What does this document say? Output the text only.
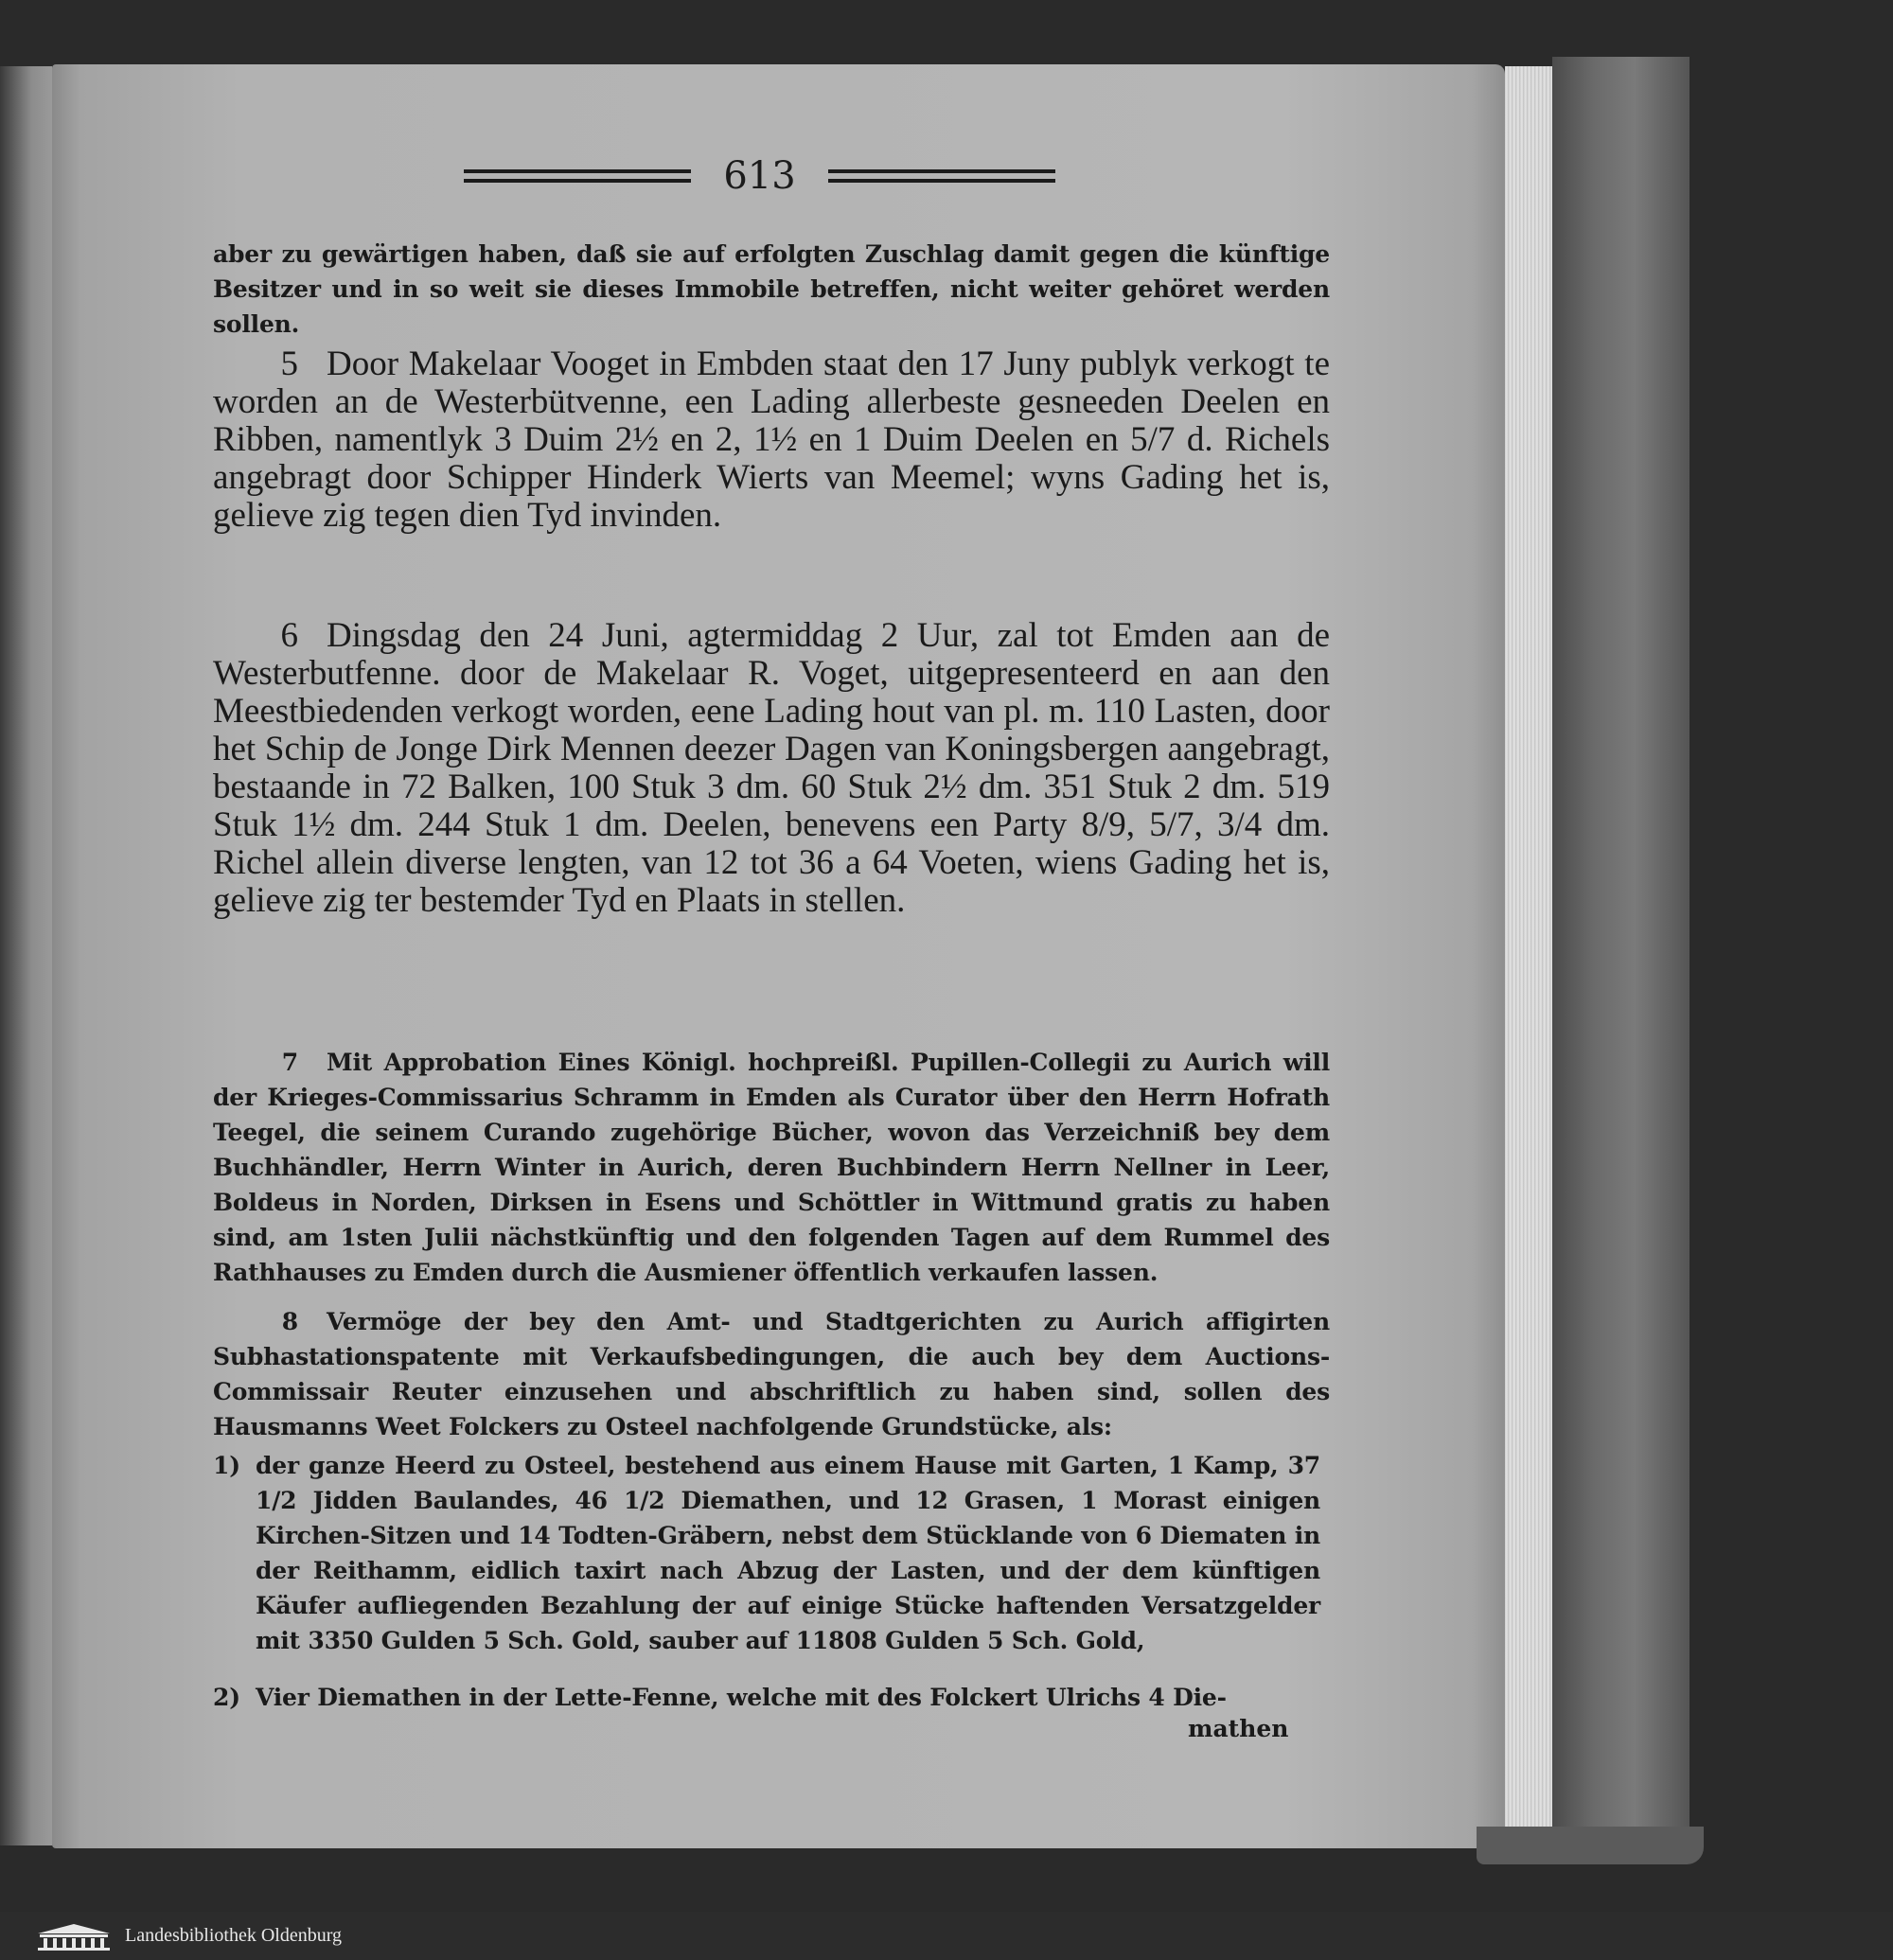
613

aber zu gewärtigen haben, daß sie auf erfolgten Zuschlag damit gegen die künftige Besitzer und in so weit sie dieses Immobile betreffen, nicht weiter gehöret werden sollen.

5 Door Makelaar Vooget in Embden staat den 17 Juny publyk verkogt te worden an de Westerbütvenne, een Lading allerbeste gesneeden Deelen en Ribben, namentlyk 3 Duim 2½ en 2, 1½ en 1 Duim Deelen en 5/7 d. Richels angebragt door Schipper Hinderk Wierts van Meemel; wyns Gading het is, gelieve zig tegen dien Tyd invinden.

6 Dingsdag den 24 Juni, agtermiddag 2 Uur, zal tot Emden aan de Westerbutfenne. door de Makelaar R. Voget, uitgepresenteerd en aan den Meestbiedenden verkogt worden, eene Lading hout van pl. m. 110 Lasten, door het Schip de Jonge Dirk Mennen deezer Dagen van Koningsbergen aangebragt, bestaande in 72 Balken, 100 Stuk 3 dm. 60 Stuk 2½ dm. 351 Stuk 2 dm. 519 Stuk 1½ dm. 244 Stuk 1 dm. Deelen, benevens een Party 8/9, 5/7, 3/4 dm. Richel allein diverse lengten, van 12 tot 36 a 64 Voeten, wiens Gading het is, gelieve zig ter bestemder Tyd en Plaats in stellen.

7 Mit Approbation Eines Königl. hochpreißl. Pupillen-Collegii zu Aurich will der Krieges-Commissarius Schramm in Emden als Curator über den Herrn Hofrath Teegel, die seinem Curando zugehörige Bücher, wovon das Verzeichniß bey dem Buchhändler, Herrn Winter in Aurich, deren Buchbindern Herrn Nellner in Leer, Boldeus in Norden, Dirksen in Esens und Schöttler in Wittmund gratis zu haben sind, am 1sten Julii nächstkünftig und den folgenden Tagen auf dem Rummel des Rathhauses zu Emden durch die Ausmiener öffentlich verkaufen lassen.

8 Vermöge der bey den Amt- und Stadtgerichten zu Aurich affigirten Subhastationspatente mit Verkaufsbedingungen, die auch bey dem Auctions-Commissair Reuter einzusehen und abschriftlich zu haben sind, sollen des Hausmanns Weet Folckers zu Osteel nachfolgende Grundstücke, als:

1) der ganze Heerd zu Osteel, bestehend aus einem Hause mit Garten, 1 Kamp, 37 1/2 Jidden Baulandes, 46 1/2 Diemathen, und 12 Grasen, 1 Morast einigen Kirchen-Sitzen und 14 Todten-Gräbern, nebst dem Stücklande von 6 Diematen in der Reithamm, eidlich taxirt nach Abzug der Lasten, und der dem künftigen Käufer aufliegenden Bezahlung der auf einige Stücke haftenden Versatzgelder mit 3350 Gulden 5 Sch. Gold, sauber auf 11808 Gulden 5 Sch. Gold,
2) Vier Diemathen in der Lette-Fenne, welche mit des Folckert Ulrichs 4 Die-
mathen
Landesbibliothek Oldenburg
